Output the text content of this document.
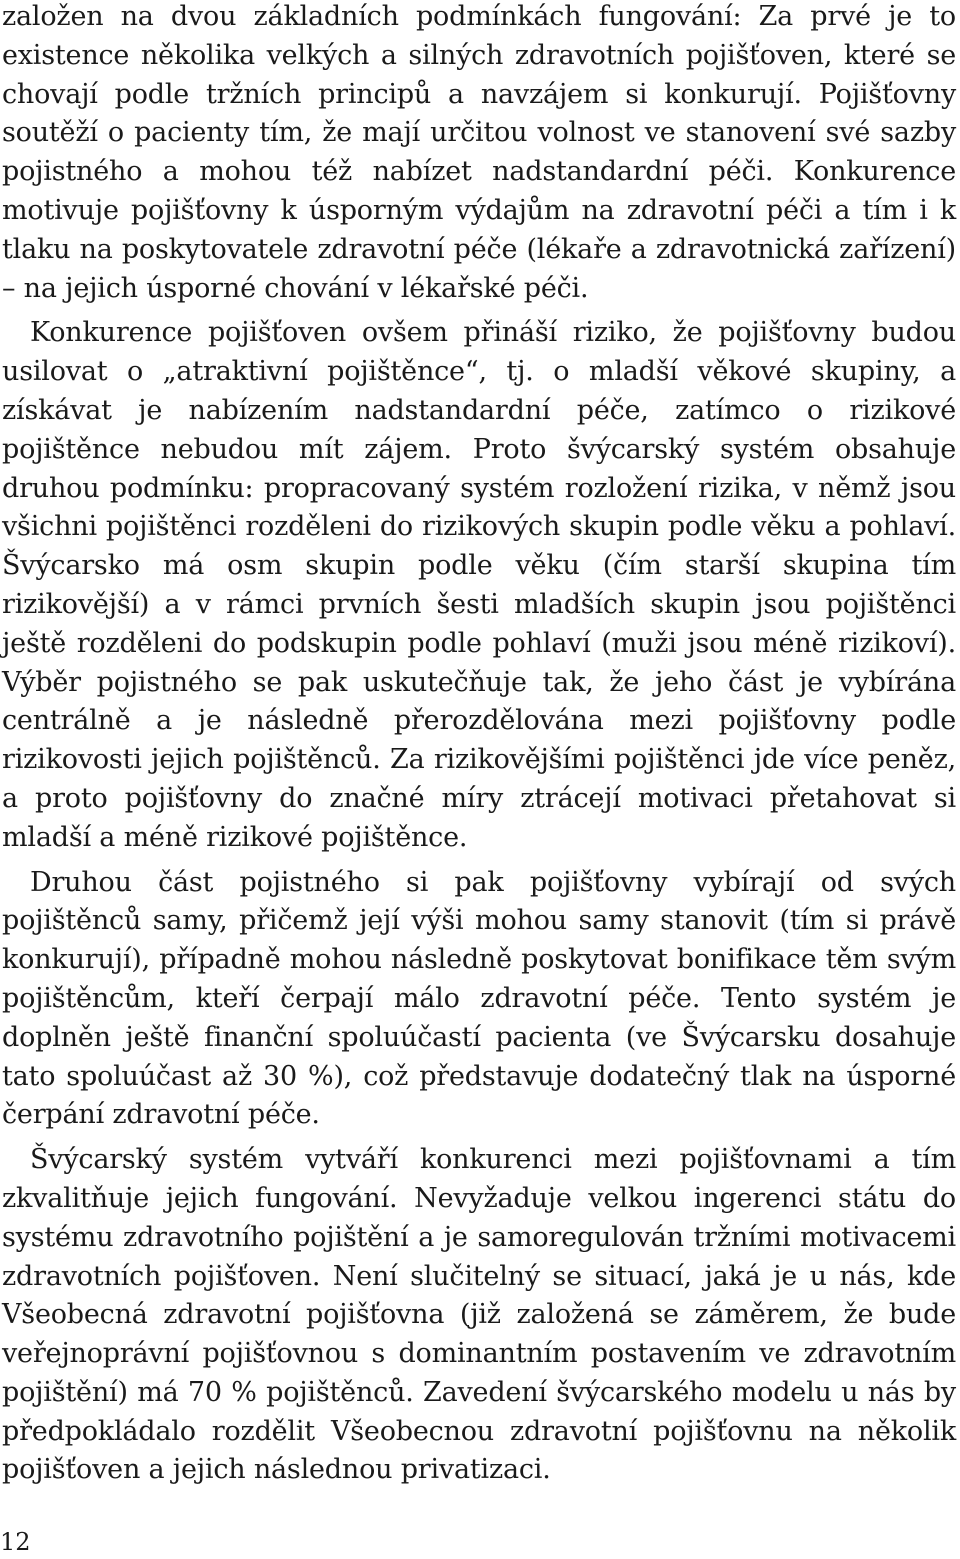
založen na dvou základních podmínkách fungování: Za prvé je to existence několika velkých a silných zdravotních pojišťoven, které se chovají podle tržních principů a navzájem si konkurují. Pojišťovny soutěží o pacienty tím, že mají určitou volnost ve stanovení své sazby pojistného a mohou též nabízet nadstandardní péči. Konkurence motivuje pojišťovny k úsporným výdajům na zdravotní péči a tím i k tlaku na poskytovatele zdravotní péče (lékaře a zdravotnická zařízení) – na jejich úsporné chování v lékařské péči.

Konkurence pojišťoven ovšem přináší riziko, že pojišťovny budou usilovat o „atraktivní pojištěnce“, tj. o mladší věkové skupiny, a získávat je nabízením nadstandardní péče, zatímco o rizikové pojištěnce nebudou mít zájem. Proto švýcarský systém obsahuje druhou podmínku: propracovaný systém rozložení rizika, v němž jsou všichni pojištěnci rozděleni do rizikových skupin podle věku a pohlaví. Švýcarsko má osm skupin podle věku (čím starší skupina tím rizikovější) a v rámci prvních šesti mladších skupin jsou pojištěnci ještě rozděleni do podskupin podle pohlaví (muži jsou méně rizikoví). Výběr pojistného se pak uskutečňuje tak, že jeho část je vybírána centrálně a je následně přerozdělována mezi pojišťovny podle rizikovosti jejich pojištěnců. Za rizikovějšími pojištěnci jde více peněz, a proto pojišťovny do značné míry ztrácejí motivaci přetahovat si mladší a méně rizikové pojištěnce.

Druhou část pojistného si pak pojišťovny vybírají od svých pojištěnců samy, přičemž její výši mohou samy stanovit (tím si právě konkurují), případně mohou následně poskytovat bonifikace těm svým pojištěncům, kteří čerpají málo zdravotní péče. Tento systém je doplněn ještě finanční spoluúčastí pacienta (ve Švýcarsku dosahuje tato spoluúčast až 30 %), což představuje dodatečný tlak na úsporné čerpání zdravotní péče.

Švýcarský systém vytváří konkurenci mezi pojišťovnami a tím zkvalitňuje jejich fungování. Nevyžaduje velkou ingerenci státu do systému zdravotního pojištění a je samoregulován tržními motivacemi zdravotních pojišťoven. Není slučitelný se situací, jaká je u nás, kde Všeobecná zdravotní pojišťovna (již založená se záměrem, že bude veřejnoprávní pojišťovnou s dominantním postavením ve zdravotním pojištění) má 70 % pojištěnců. Zavedení švýcarského modelu u nás by předpokládalo rozdělit Všeobecnou zdravotní pojišťovnu na několik pojišťoven a jejich následnou privatizaci.

12
